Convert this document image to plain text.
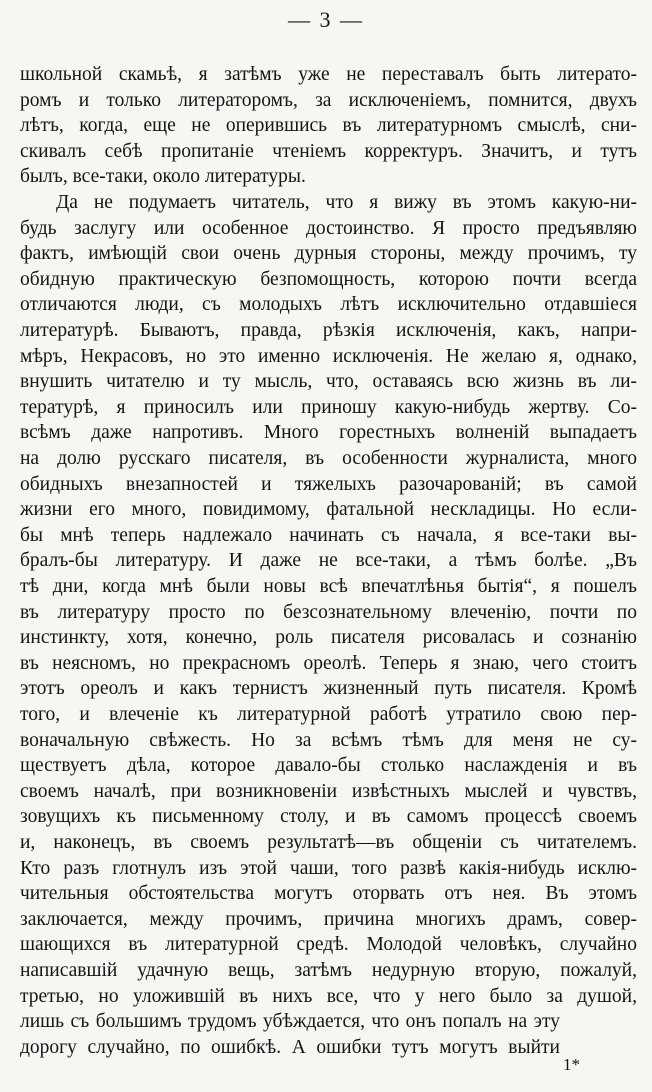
— 3 —
школьной скамьѣ, я затѣмъ уже не переставалъ быть литерато-
ромъ и только литераторомъ, за исключеніемъ, помнится, двухъ
лѣтъ, когда, еще не оперившись въ литературномъ смыслѣ, сни-
скивалъ себѣ пропитаніе чтеніемъ корректуръ. Значитъ, и тутъ
былъ, все-таки, около литературы.
Да не подумаетъ читатель, что я вижу въ этомъ какую-ни-
будь заслугу или особенное достоинство. Я просто предъявляю
фактъ, имѣющій свои очень дурныя стороны, между прочимъ, ту
обидную практическую безпомощность, которою почти всегда
отличаются люди, съ молодыхъ лѣтъ исключительно отдавшіеся
литературѣ. Бываютъ, правда, рѣзкія исключенія, какъ, напри-
мѣръ, Некрасовъ, но это именно исключенія. Не желаю я, однако,
внушить читателю и ту мысль, что, оставаясь всю жизнь въ ли-
тературѣ, я приносилъ или приношу какую-нибудь жертву. Со-
всѣмъ даже напротивъ. Много горестныхъ волненій выпадаетъ
на долю русскаго писателя, въ особенности журналиста, много
обидныхъ внезапностей и тяжелыхъ разочарованій; въ самой
жизни его много, повидимому, фатальной нескладицы. Но если-
бы мнѣ теперь надлежало начинать съ начала, я все-таки вы-
бралъ-бы литературу. И даже не все-таки, а тѣмъ болѣе. „Въ
тѣ дни, когда мнѣ были новы всѣ впечатлѣнья бытія“, я пошелъ
въ литературу просто по безсознательному влеченію, почти по
инстинкту, хотя, конечно, роль писателя рисовалась и сознанію
въ неясномъ, но прекрасномъ ореолѣ. Теперь я знаю, чего стоитъ
этотъ ореолъ и какъ тернистъ жизненный путь писателя. Кромѣ
того, и влеченіе къ литературной работѣ утратило свою пер-
воначальную свѣжесть. Но за всѣмъ тѣмъ для меня не су-
ществуетъ дѣла, которое давало-бы столько наслажденія и въ
своемъ началѣ, при возникновеніи извѣстныхъ мыслей и чувствъ,
зовущихъ къ письменному столу, и въ самомъ процессѣ своемъ
и, наконецъ, въ своемъ результатѣ—въ общеніи съ читателемъ.
Кто разъ глотнулъ изъ этой чаши, того развѣ какія-нибудь исклю-
чительныя обстоятельства могутъ оторвать отъ нея. Въ этомъ
заключается, между прочимъ, причина многихъ драмъ, совер-
шающихся въ литературной средѣ. Молодой человѣкъ, случайно
написавшій удачную вещь, затѣмъ недурную вторую, пожалуй,
третью, но уложившій въ нихъ все, что у него было за душой,
лишь съ большимъ трудомъ убѣждается, что онъ попалъ на эту
дорогу случайно, по ошибкѣ. А ошибки тутъ могутъ выйти
1*
